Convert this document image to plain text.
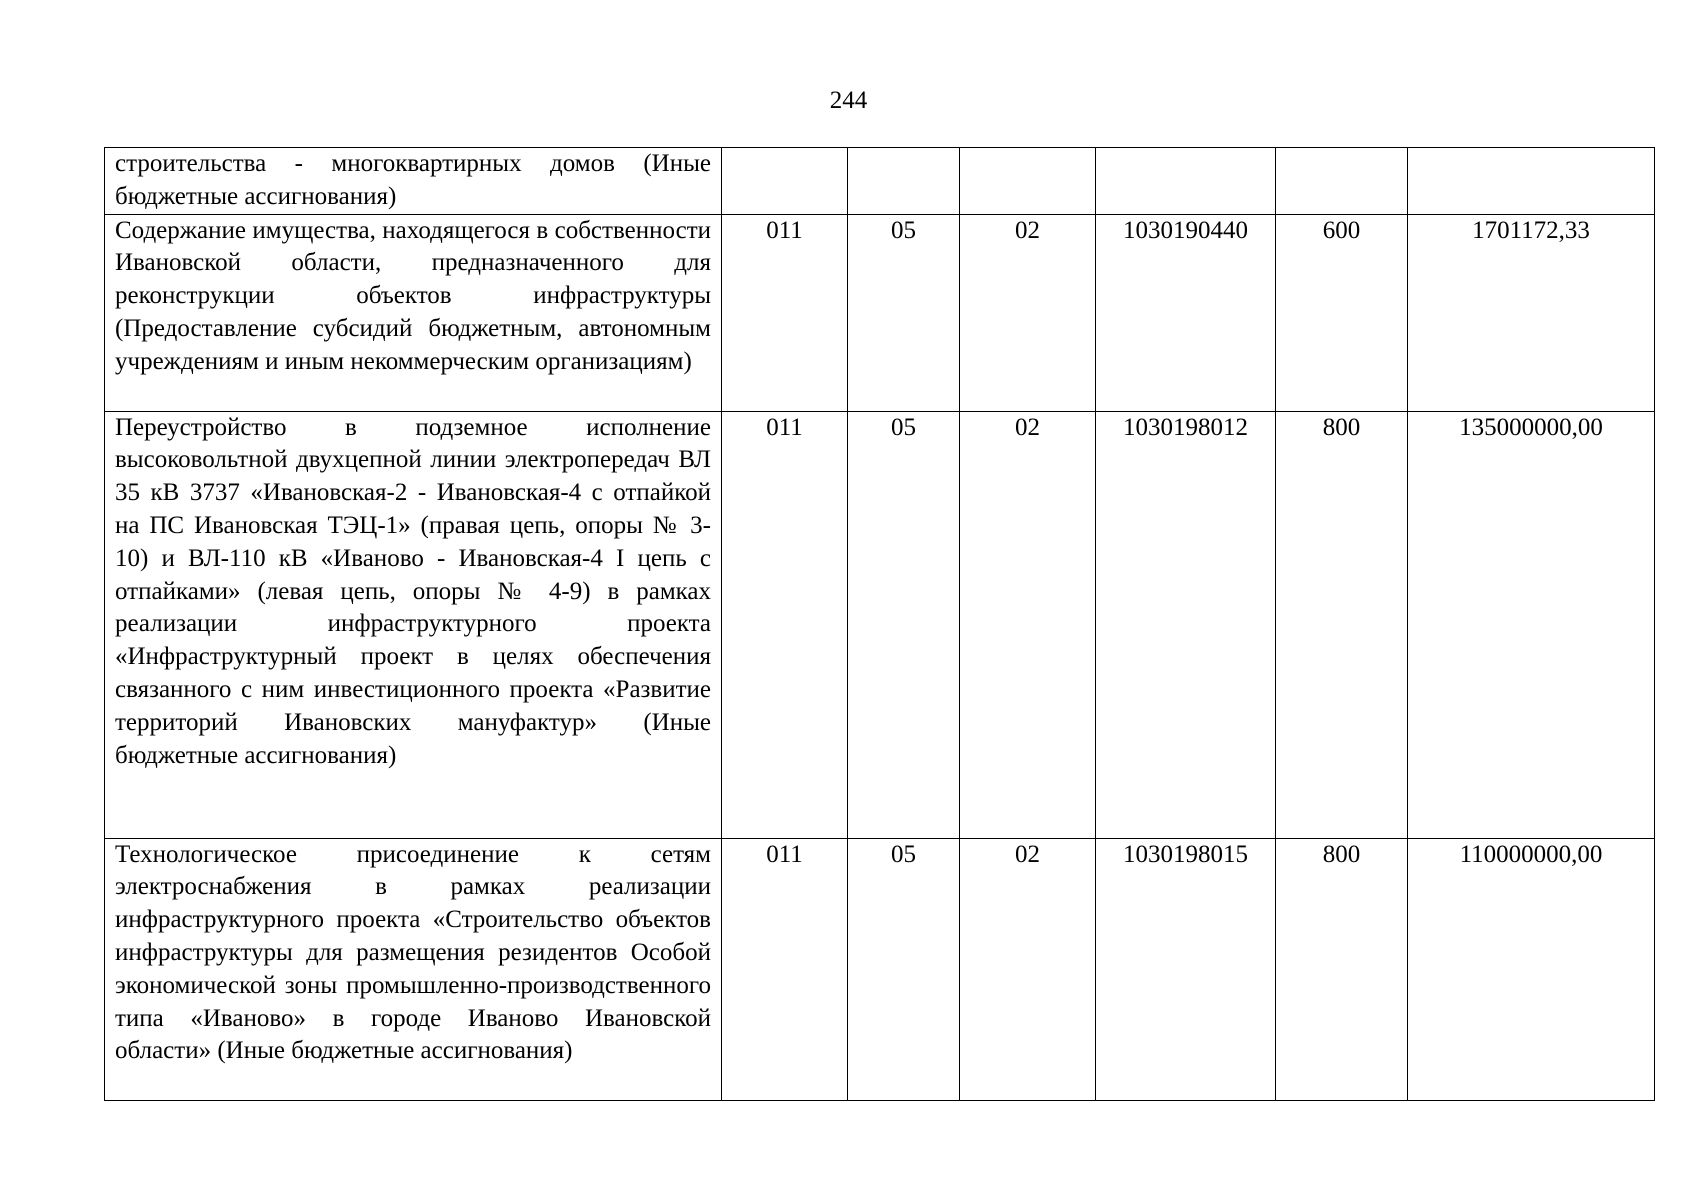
244
строительства - многоквартирных домов (Иные бюджетные ассигнования)						
Содержание имущества, находящегося в собственности Ивановской области, предназначенного для реконструкции объектов инфраструктуры (Предоставление субсидий бюджетным, автономным учреждениям и иным некоммерческим организациям)	011	05	02	1030190440	600	1701172,33
Переустройство в подземное исполнение высоковольтной двухцепной линии электропередач ВЛ 35 кВ 3737 «Ивановская-2 - Ивановская-4 с отпайкой на ПС Ивановская ТЭЦ-1» (правая цепь, опоры № 3-10) и ВЛ-110 кВ «Иваново - Ивановская-4 I цепь с отпайками» (левая цепь, опоры № 4-9) в рамках реализации инфраструктурного проекта «Инфраструктурный проект в целях обеспечения связанного с ним инвестиционного проекта «Развитие территорий Ивановских мануфактур» (Иные бюджетные ассигнования)	011	05	02	1030198012	800	135000000,00
Технологическое присоединение к сетям электроснабжения в рамках реализации инфраструктурного проекта «Строительство объектов инфраструктуры для размещения резидентов Особой экономической зоны промышленно-производственного типа «Иваново» в городе Иваново Ивановской области» (Иные бюджетные ассигнования)	011	05	02	1030198015	800	110000000,00
